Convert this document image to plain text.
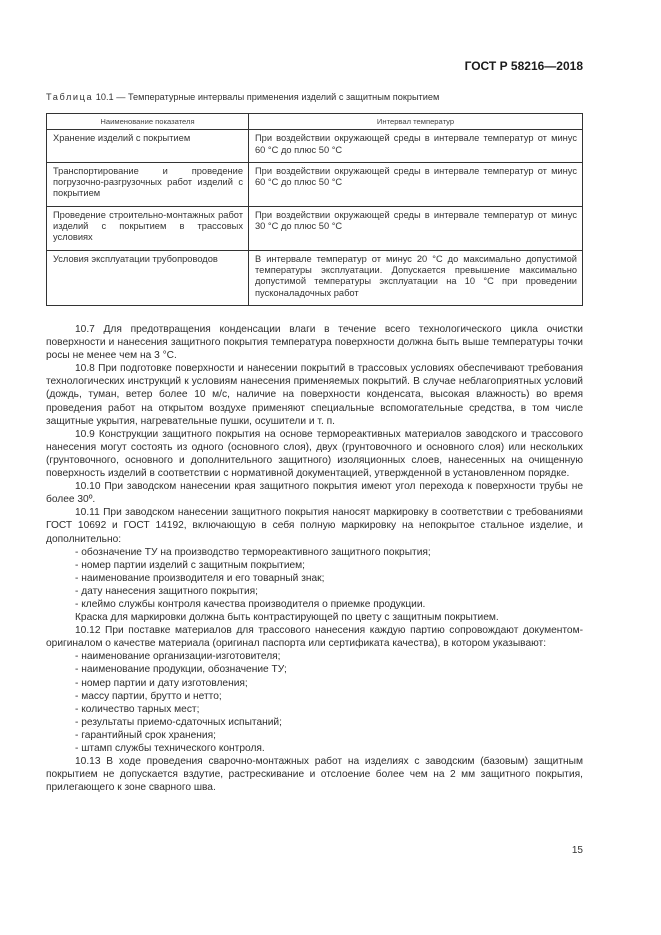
ГОСТ Р 58216—2018
Таблица 10.1 — Температурные интервалы применения изделий с защитным покрытием
Наименование показателя	Интервал температур
Хранение изделий с покрытием	При воздействии окружающей среды в интервале температур от минус 60 °С до плюс 50 °С
Транспортирование и проведение погрузочно-разгрузочных работ изделий с покрытием	При воздействии окружающей среды в интервале температур от минус 60 °С до плюс 50 °С
Проведение строительно-монтажных работ изделий с покрытием в трассовых условиях	При воздействии окружающей среды в интервале температур от минус 30 °С до плюс 50 °С
Условия эксплуатации трубопроводов	В интервале температур от минус 20 °С до максимально допустимой температуры эксплуатации. Допускается превышение максимально допустимой температуры эксплуатации на 10 °С при проведении пусконаладочных работ

10.7 Для предотвращения конденсации влаги в течение всего технологического цикла очистки поверхности и нанесения защитного покрытия температура поверхности должна быть выше температуры точки росы не менее чем на 3 °С.

10.8 При подготовке поверхности и нанесении покрытий в трассовых условиях обеспечивают требования технологических инструкций к условиям нанесения применяемых покрытий. В случае неблагоприятных условий (дождь, туман, ветер более 10 м/с, наличие на поверхности конденсата, высокая влажность) во время проведения работ на открытом воздухе применяют специальные вспомогательные средства, в том числе защитные укрытия, нагревательные пушки, осушители и т. п.

10.9 Конструкции защитного покрытия на основе термореактивных материалов заводского и трассового нанесения могут состоять из одного (основного слоя), двух (грунтовочного и основного слоя) или нескольких (грунтовочного, основного и дополнительного защитного) изоляционных слоев, нанесенных на очищенную поверхность изделий в соответствии с нормативной документацией, утвержденной в установленном порядке.

10.10 При заводском нанесении края защитного покрытия имеют угол перехода к поверхности трубы не более 30º.

10.11 При заводском нанесении защитного покрытия наносят маркировку в соответствии с требованиями ГОСТ 10692 и ГОСТ 14192, включающую в себя полную маркировку на непокрытое стальное изделие, и дополнительно:

- обозначение ТУ на производство термореактивного защитного покрытия;

- номер партии изделий с защитным покрытием;

- наименование производителя и его товарный знак;

- дату нанесения защитного покрытия;

- клеймо службы контроля качества производителя о приемке продукции.

Краска для маркировки должна быть контрастирующей по цвету с защитным покрытием.

10.12 При поставке материалов для трассового нанесения каждую партию сопровождают документом-оригиналом о качестве материала (оригинал паспорта или сертификата качества), в котором указывают:

- наименование организации-изготовителя;

- наименование продукции, обозначение ТУ;

- номер партии и дату изготовления;

- массу партии, брутто и нетто;

- количество тарных мест;

- результаты приемо-сдаточных испытаний;

- гарантийный срок хранения;

- штамп службы технического контроля.

10.13 В ходе проведения сварочно-монтажных работ на изделиях с заводским (базовым) защитным покрытием не допускается вздутие, растрескивание и отслоение более чем на 2 мм защитного покрытия, прилегающего к зоне сварного шва.

15
